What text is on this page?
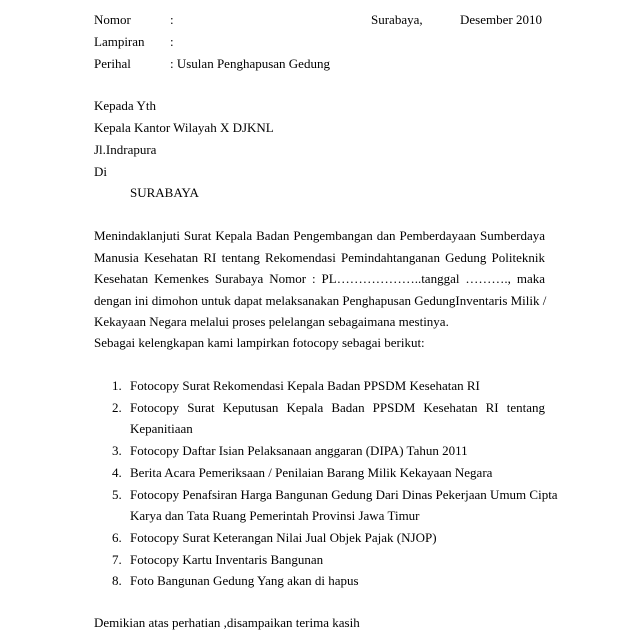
Nomor	:	Surabaya,	Desember 2010
Lampiran :
Perihal	: Usulan Penghapusan Gedung
Kepada Yth
Kepala Kantor Wilayah X DJKNL
Jl.Indrapura
Di
SURABAYA
Menindaklanjuti Surat Kepala Badan Pengembangan dan Pemberdayaan Sumberdaya
Manusia Kesehatan RI tentang Rekomendasi Pemindahtanganan Gedung Politeknik
Kesehatan Kemenkes Surabaya Nomor : PL………………..tanggal ………., maka
dengan ini dimohon untuk dapat melaksanakan Penghapusan GedungInventaris Milik /
Kekayaan Negara melalui proses pelelangan sebagaimana mestinya.
Sebagai kelengkapan kami lampirkan fotocopy sebagai berikut:
1. Fotocopy Surat Rekomendasi Kepala Badan PPSDM Kesehatan RI
2. Fotocopy Surat Keputusan Kepala Badan PPSDM Kesehatan RI tentang
Kepanitiaan
3. Fotocopy Daftar Isian Pelaksanaan anggaran (DIPA) Tahun 2011
4. Berita Acara Pemeriksaan / Penilaian Barang Milik Kekayaan Negara
5. Fotocopy Penafsiran Harga Bangunan Gedung Dari Dinas Pekerjaan Umum Cipta
Karya dan Tata Ruang Pemerintah Provinsi Jawa Timur
6. Fotocopy Surat Keterangan Nilai Jual Objek Pajak (NJOP)
7. Fotocopy Kartu Inventaris Bangunan
8. Foto Bangunan Gedung Yang akan di hapus
Demikian atas perhatian ,disampaikan terima kasih
